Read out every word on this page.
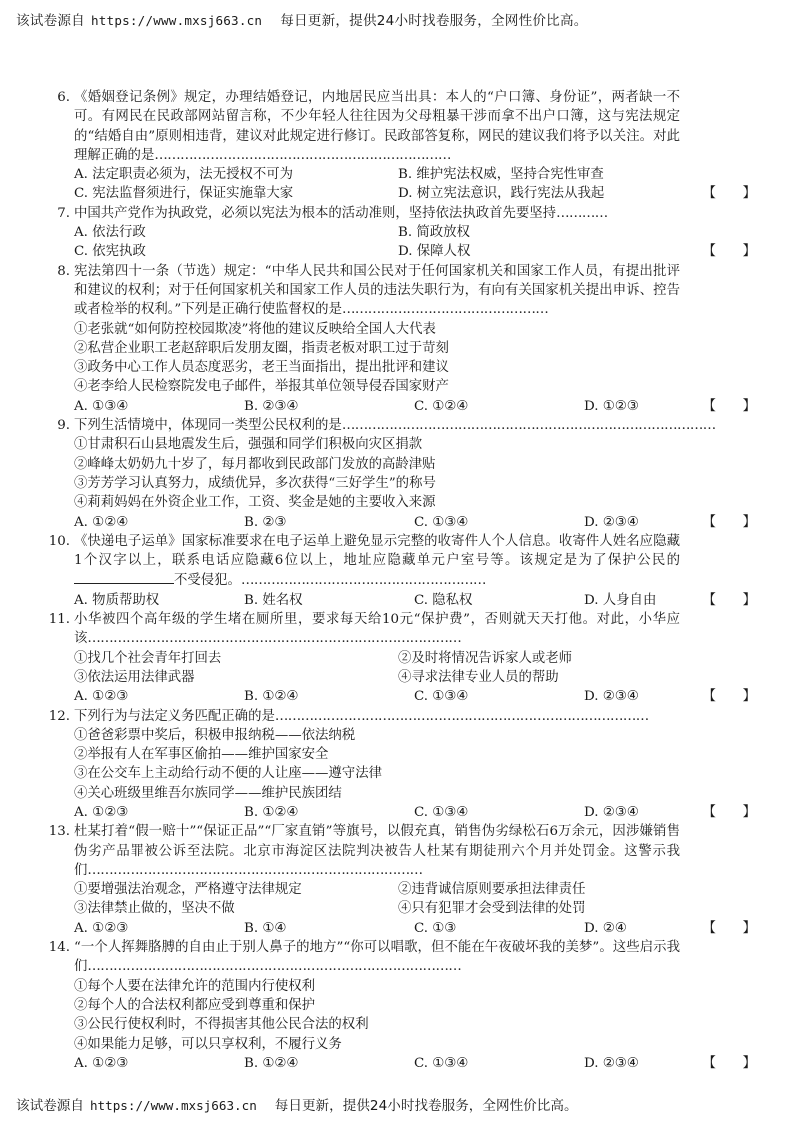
该试卷源自 https://www.mxsj663.cn 每日更新，提供24小时找卷服务，全网性价比高。
6. 《婚姻登记条例》规定，办理结婚登记，内地居民应当出具：本人的“户口簿、身份证”，两者缺一不可。有网民在民政部网站留言称，不少年轻人往往因为父母粗暴干涉而拿不出户口簿，这与宪法规定的“结婚自由”原则相违背，建议对此规定进行修订。民政部答复称，网民的建议我们将予以关注。对此理解正确的是……………………………………………………………
【　　】
A. 法定职责必须为，法无授权不可为	B. 维护宪法权威，坚持合宪性审查
C. 宪法监督须进行，保证实施靠大家	D. 树立宪法意识，践行宪法从我起
7. 中国共产党作为执政党，必须以宪法为根本的活动准则，坚持依法执政首先要坚持…………
【　　】
A. 依法行政	B. 简政放权
C. 依宪执政	D. 保障人权
8. 宪法第四十一条（节选）规定：“中华人民共和国公民对于任何国家机关和国家工作人员，有提出批评和建议的权利；对于任何国家机关和国家工作人员的违法失职行为，有向有关国家机关提出申诉、控告或者检举的权利。”下列是正确行使监督权的是…………………………………………
【　　】
①老张就“如何防控校园欺凌”将他的建议反映给全国人大代表
②私营企业职工老赵辞职后发朋友圈，指责老板对职工过于苛刻
③政务中心工作人员态度恶劣，老王当面指出，提出批评和建议
④老李给人民检察院发电子邮件，举报其单位领导侵吞国家财产
A. ①③④	B. ②③④	C. ①②④	D. ①②③
9. 下列生活情境中，体现同一类型公民权利的是……………………………………………………………………………
【　　】
①甘肃积石山县地震发生后，强强和同学们积极向灾区捐款
②峰峰太奶奶九十岁了，每月都收到民政部门发放的高龄津贴
③芳芳学习认真努力，成绩优异，多次获得“三好学生”的称号
④莉莉妈妈在外资企业工作，工资、奖金是她的主要收入来源
A. ①②④	B. ②③	C. ①③④	D. ②③④
10. 《快递电子运单》国家标准要求在电子运单上避免显示完整的收寄件人个人信息。收寄件人姓名应隐藏1个汉字以上，联系电话应隐藏6位以上，地址应隐藏单元户室号等。该规定是为了保护公民的不受侵犯。…………………………………………………
【　　】
A. 物质帮助权	B. 姓名权	C. 隐私权	D. 人身自由
11. 小华被四个高年级的学生堵在厕所里，要求每天给10元“保护费”，否则就天天打他。对此，小华应该……………………………………………………………………………
【　　】
①找几个社会青年打回去	②及时将情况告诉家人或老师
③依法运用法律武器	④寻求法律专业人员的帮助
A. ①②③	B. ①②④	C. ①③④	D. ②③④
12. 下列行为与法定义务匹配正确的是……………………………………………………………………………
【　　】
①爸爸彩票中奖后，积极申报纳税——依法纳税
②举报有人在军事区偷拍——维护国家安全
③在公交车上主动给行动不便的人让座——遵守法律
④关心班级里维吾尔族同学——维护民族团结
A. ①②③	B. ①②④	C. ①③④	D. ②③④
13. 杜某打着“假一赔十”“保证正品”“厂家直销”等旗号，以假充真，销售伪劣绿松石6万余元，因涉嫌销售伪劣产品罪被公诉至法院。北京市海淀区法院判决被告人杜某有期徒刑六个月并处罚金。这警示我们……………………………………………………………………
【　　】
①要增强法治观念，严格遵守法律规定	②违背诚信原则要承担法律责任
③法律禁止做的，坚决不做	④只有犯罪才会受到法律的处罚
A. ①②③	B. ①④	C. ①③	D. ②④
14. “一个人挥舞胳膊的自由止于别人鼻子的地方”“你可以唱歌，但不能在午夜破坏我的美梦”。这些启示我们……………………………………………………………………………
【　　】
①每个人要在法律允许的范围内行使权利
②每个人的合法权利都应受到尊重和保护
③公民行使权利时，不得损害其他公民合法的权利
④如果能力足够，可以只享权利，不履行义务
A. ①②③	B. ①②④	C. ①③④	D. ②③④
该试卷源自 https://www.mxsj663.cn 每日更新，提供24小时找卷服务，全网性价比高。
